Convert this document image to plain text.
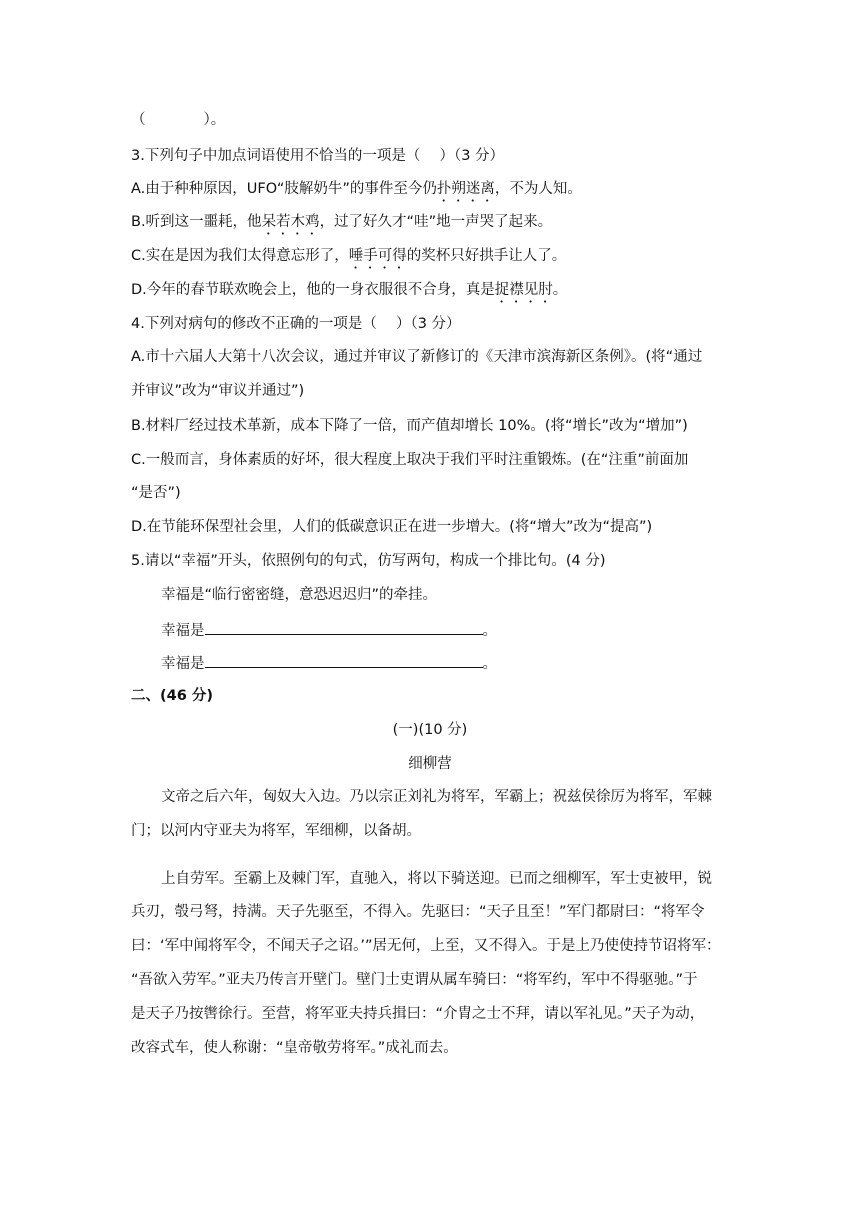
（　　　　）。
3.下列句子中加点词语使用不恰当的一项是（　 ）（3 分）
A.由于种种原因，UFO“肢解奶牛”的事件至今仍扑朔迷离，不为人知。
B.听到这一噩耗，他呆若木鸡，过了好久才“哇”地一声哭了起来。
C.实在是因为我们太得意忘形了，唾手可得的奖杯只好拱手让人了。
D.今年的春节联欢晚会上，他的一身衣服很不合身，真是捉襟见肘。
4.下列对病句的修改不正确的一项是（　 ）（3 分）
A.市十六届人大第十八次会议，通过并审议了新修订的《天津市滨海新区条例》。(将“通过
并审议”改为“审议并通过”)
B.材料厂经过技术革新，成本下降了一倍，而产值却增长 10%。(将“增长”改为“增加”)
C.一般而言，身体素质的好坏，很大程度上取决于我们平时注重锻炼。(在“注重”前面加
“是否”)
D.在节能环保型社会里，人们的低碳意识正在进一步增大。(将“增大”改为“提高”)
5.请以“幸福”开头，依照例句的句式，仿写两句，构成一个排比句。(4 分)
幸福是“临行密密缝，意恐迟迟归”的牵挂。
幸福是	。
幸福是	。
二、(46 分)
(一)(10 分)
细柳营
文帝之后六年，匈奴大入边。乃以宗正刘礼为将军，军霸上；祝兹侯徐厉为将军，军棘
门；以河内守亚夫为将军，军细柳，以备胡。
上自劳军。至霸上及棘门军，直驰入，将以下骑送迎。已而之细柳军，军士吏被甲，锐
兵刃，彀弓弩，持满。天子先驱至，不得入。先驱曰：“天子且至！”军门都尉曰：“将军令
曰：‘军中闻将军令，不闻天子之诏。’”居无何，上至，又不得入。于是上乃使使持节诏将军：
“吾欲入劳军。”亚夫乃传言开壁门。壁门士吏谓从属车骑曰：“将军约，军中不得驱驰。”于
是天子乃按辔徐行。至营，将军亚夫持兵揖曰：“介胄之士不拜，请以军礼见。”天子为动，
改容式车，使人称谢：“皇帝敬劳将军。”成礼而去。
